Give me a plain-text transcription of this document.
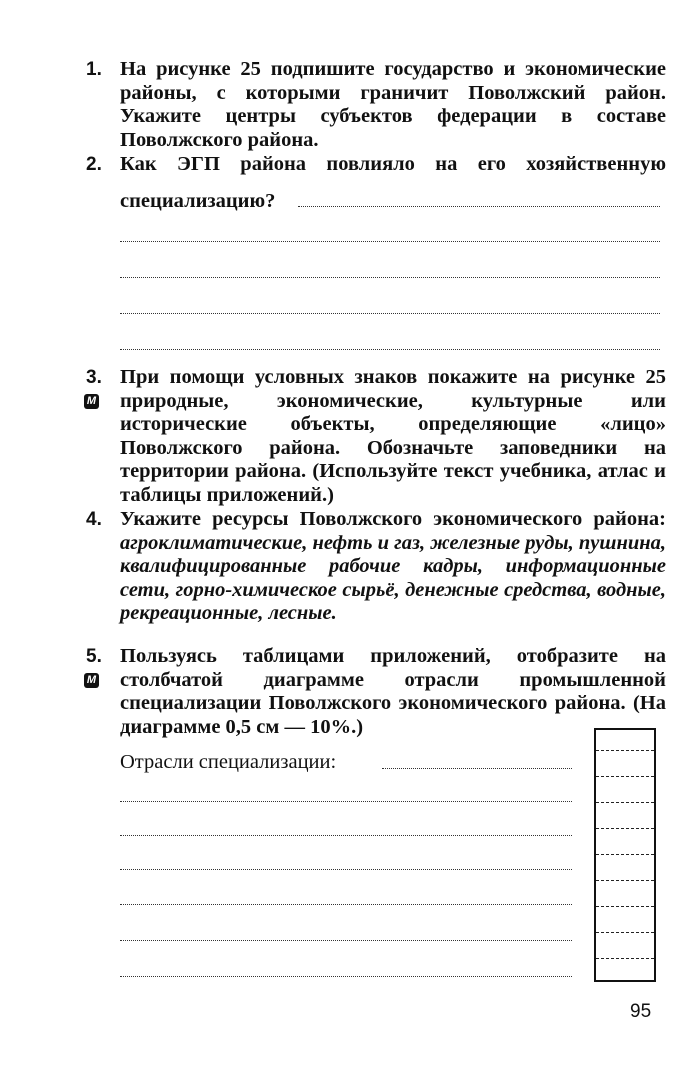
1. На рисунке 25 подпишите государство и экономические районы, с которыми граничит Поволжский район. Укажите центры субъектов федерации в составе Поволжского района.
2. Как ЭГП района повлияло на его хозяйственную
специализацию?
3. При помощи условных знаков покажите на рисунке 25 природные, экономические, культурные или исторические объекты, определяющие «лицо» Поволжского района. Обозначьте заповедники на территории района. (Используйте текст учебника, атлас и таблицы приложений.)
М
4. Укажите ресурсы Поволжского экономического района: агроклиматические, нефть и газ, железные руды, пушнина, квалифицированные рабочие кадры, информационные сети, горно-химическое сырьё, денежные средства, водные, рекреационные, лесные.
5. Пользуясь таблицами приложений, отобразите на столбчатой диаграмме отрасли промышленной специализации Поволжского экономического района. (На диаграмме 0,5 см — 10%.)
М
Отрасли специализации:
95
